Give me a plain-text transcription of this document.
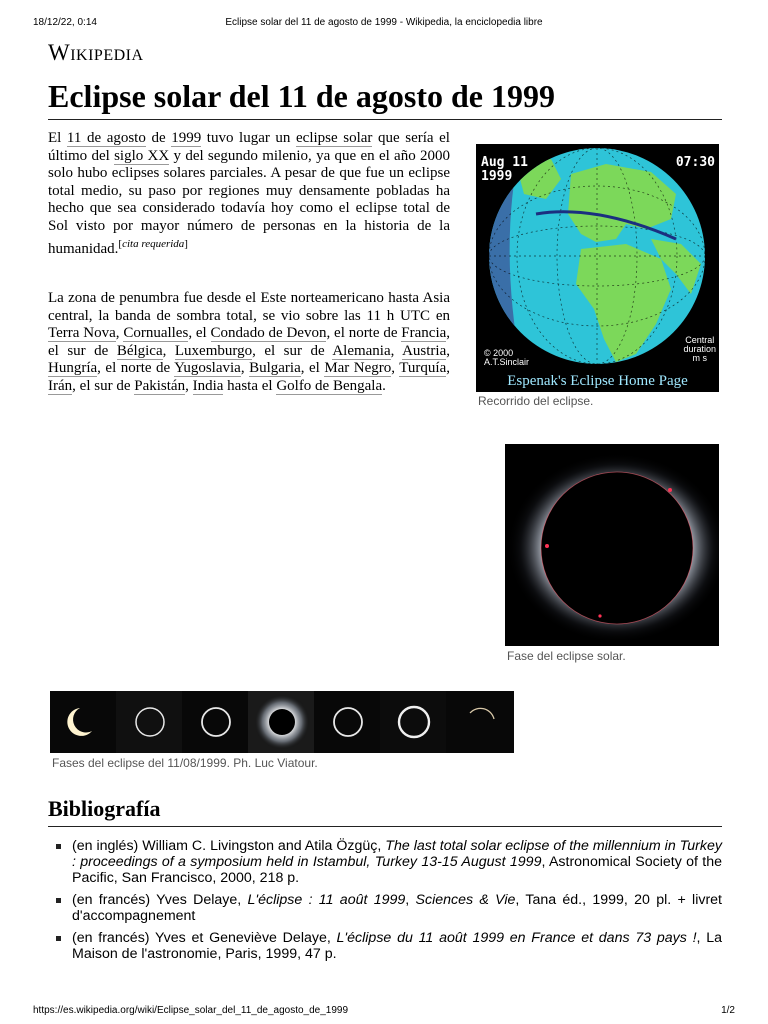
18/12/22, 0:14	Eclipse solar del 11 de agosto de 1999 - Wikipedia, la enciclopedia libre
Wikipedia
Eclipse solar del 11 de agosto de 1999

El 11 de agosto de 1999 tuvo lugar un eclipse solar que sería el último del siglo XX y del segundo milenio, ya que en el año 2000 solo hubo eclipses solares parciales. A pesar de que fue un eclipse total medio, su paso por regiones muy densamente pobladas ha hecho que sea considerado todavía hoy como el eclipse total de Sol visto por mayor número de personas en la historia de la humanidad.[cita requerida]

La zona de penumbra fue desde el Este norteamericano hasta Asia central, la banda de sombra total, se vio sobre las 11 h UTC en Terra Nova, Cornualles, el Condado de Devon, el norte de Francia, el sur de Bélgica, Luxemburgo, el sur de Alemania, Austria, Hungría, el norte de Yugoslavia, Bulgaria, el Mar Negro, Turquía, Irán, el sur de Pakistán, India hasta el Golfo de Bengala.

Aug 11
1999
07:30
© 2000
A.T.Sinclair
Central
duration
m s
Espenak's Eclipse Home Page
Recorrido del eclipse.
Fase del eclipse solar.
Fases del eclipse del 11/08/1999. Ph. Luc Viatour.
Bibliografía
(en inglés) William C. Livingston and Atila Özgüç, The last total solar eclipse of the millennium in Turkey : proceedings of a symposium held in Istambul, Turkey 13-15 August 1999, Astronomical Society of the Pacific, San Francisco, 2000, 218 p.
(en francés) Yves Delaye, L'éclipse : 11 août 1999, Sciences & Vie, Tana éd., 1999, 20 pl. + livret d'accompagnement
(en francés) Yves et Geneviève Delaye, L'éclipse du 11 août 1999 en France et dans 73 pays !, La Maison de l'astronomie, Paris, 1999, 47 p.
https://es.wikipedia.org/wiki/Eclipse_solar_del_11_de_agosto_de_1999	1/2
